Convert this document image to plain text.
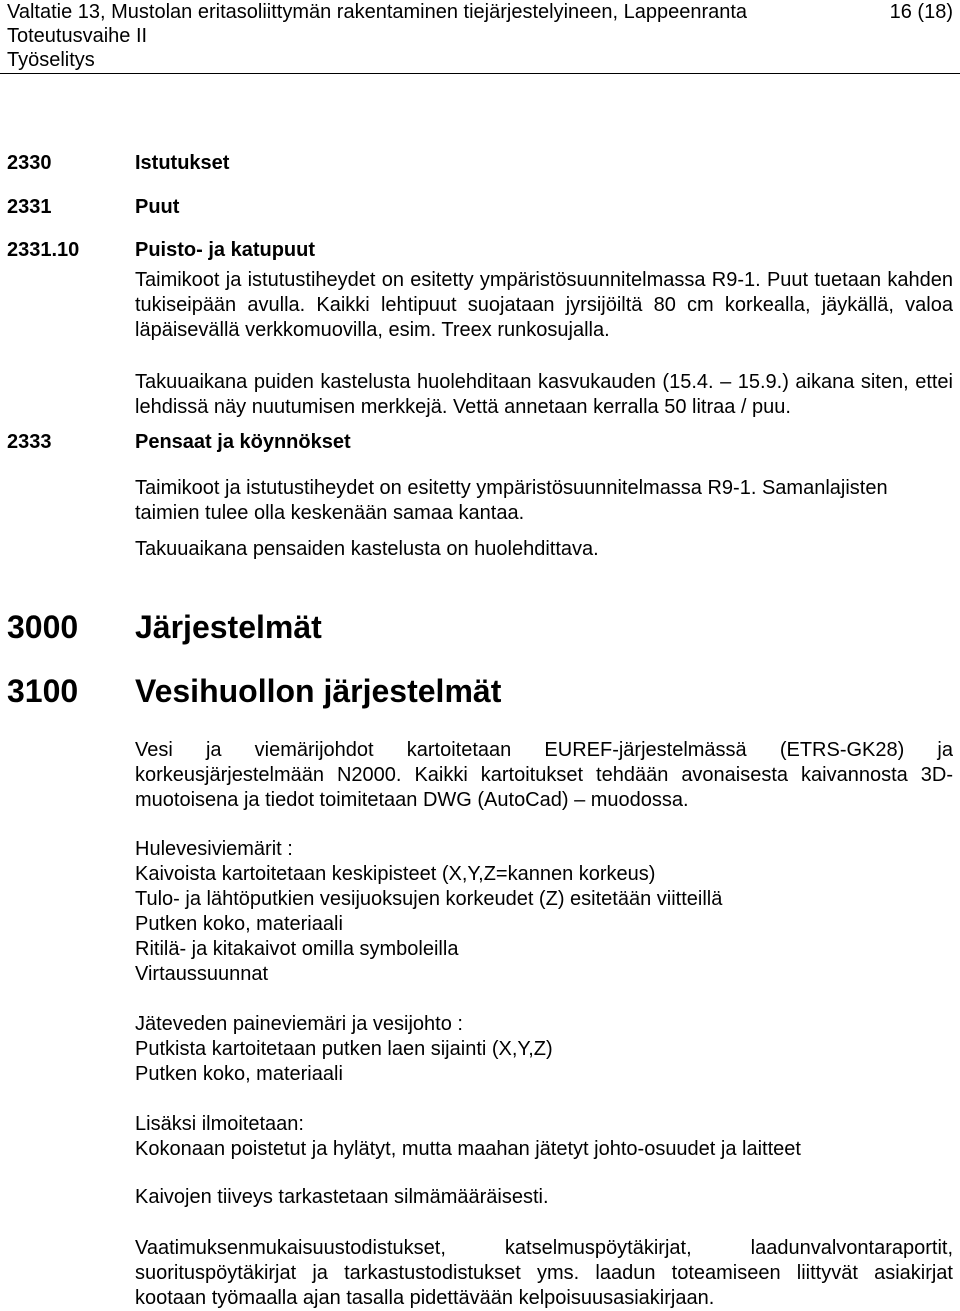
Valtatie 13, Mustolan eritasoliittymän rakentaminen tiejärjestelyineen, Lappeenranta	16 (18)
Toteutusvaihe II
Työselitys
2330	Istutukset
2331	Puut
2331.10	Puisto- ja katupuut
Taimikoot ja istutustiheydet on esitetty ympäristösuunnitelmassa R9-1. Puut tuetaan kahden tukiseipään avulla. Kaikki lehtipuut suojataan jyrsijöiltä 80 cm korkealla, jäykällä, valoa läpäisevällä verkkomuovilla, esim. Treex runkosujalla.
Takuuaikana puiden kastelusta huolehditaan kasvukauden (15.4. – 15.9.) aikana siten, ettei lehdissä näy nuutumisen merkkejä. Vettä annetaan kerralla 50 litraa / puu.
2333	Pensaat ja köynnökset
Taimikoot ja istutustiheydet on esitetty ympäristösuunnitelmassa R9-1. Samanlajisten taimien tulee olla keskenään samaa kantaa.
Takuuaikana pensaiden kastelusta on huolehdittava.
3000 Järjestelmät
3100 Vesihuollon järjestelmät
Vesi ja viemärijohdot kartoitetaan EUREF-järjestelmässä (ETRS-GK28) ja korkeusjärjestelmään N2000. Kaikki kartoitukset tehdään avonaisesta kaivannosta 3D-muotoisena ja tiedot toimitetaan DWG (AutoCad) – muodossa.
Hulevesiviemärit :
Kaivoista kartoitetaan keskipisteet (X,Y,Z=kannen korkeus)
Tulo- ja lähtöputkien vesijuoksujen korkeudet (Z) esitetään viitteillä
Putken koko, materiaali
Ritilä- ja kitakaivot omilla symboleilla
Virtaussuunnat
Jäteveden paineviemäri ja vesijohto :
Putkista kartoitetaan putken laen sijainti (X,Y,Z)
Putken koko, materiaali
Lisäksi ilmoitetaan:
Kokonaan poistetut ja hylätyt, mutta maahan jätetyt johto-osuudet ja laitteet
Kaivojen tiiveys tarkastetaan silmämääräisesti.
Vaatimuksenmukaisuustodistukset, katselmuspöytäkirjat, laadunvalvontaraportit, suorituspöytäkirjat ja tarkastustodistukset yms. laadun toteamiseen liittyvät asiakirjat kootaan työmaalla ajan tasalla pidettävään kelpoisuusasiakirjaan.
